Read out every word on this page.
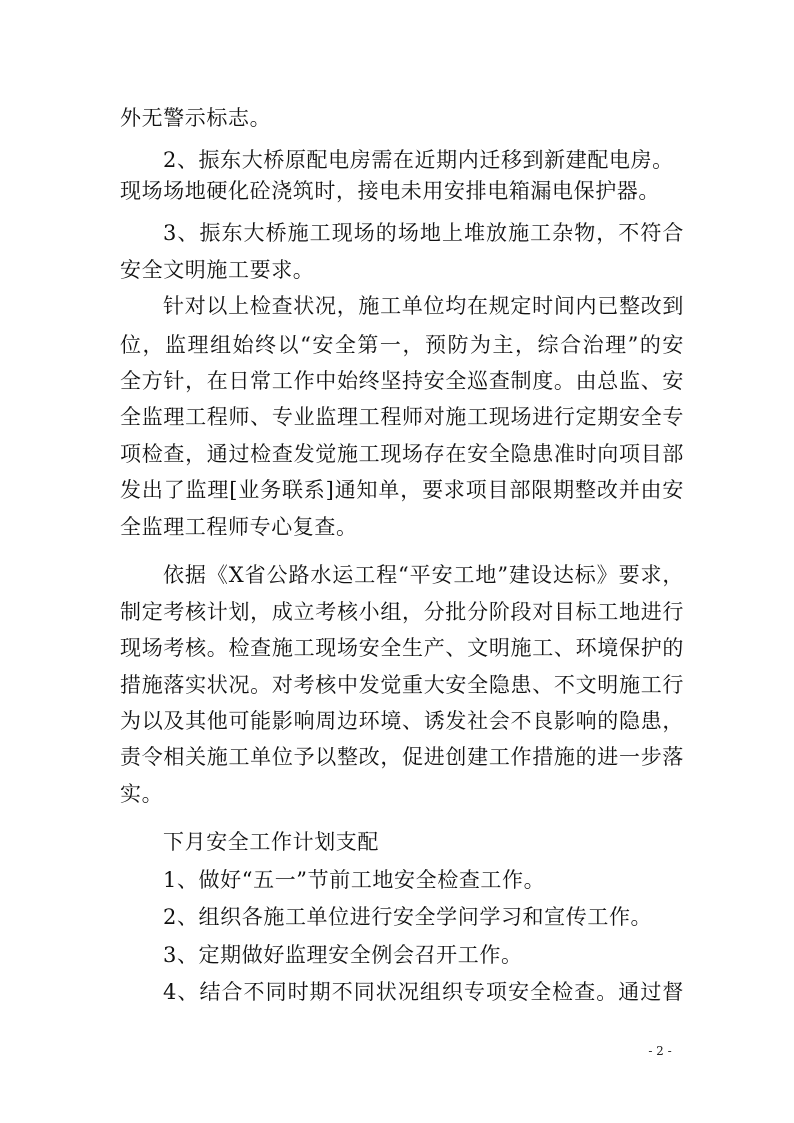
外无警示标志。
2、振东大桥原配电房需在近期内迁移到新建配电房。
现场场地硬化砼浇筑时，接电未用安排电箱漏电保护器。
3、振东大桥施工现场的场地上堆放施工杂物，不符合
安全文明施工要求。
针对以上检查状况，施工单位均在规定时间内已整改到
位，监理组始终以“安全第一，预防为主，综合治理”的安
全方针，在日常工作中始终坚持安全巡查制度。由总监、安
全监理工程师、专业监理工程师对施工现场进行定期安全专
项检查，通过检查发觉施工现场存在安全隐患准时向项目部
发出了监理[业务联系]通知单，要求项目部限期整改并由安
全监理工程师专心复查。
依据《X省公路水运工程“平安工地”建设达标》要求，
制定考核计划，成立考核小组，分批分阶段对目标工地进行
现场考核。检查施工现场安全生产、文明施工、环境保护的
措施落实状况。对考核中发觉重大安全隐患、不文明施工行
为以及其他可能影响周边环境、诱发社会不良影响的隐患，
责令相关施工单位予以整改，促进创建工作措施的进一步落
实。
下月安全工作计划支配
1、做好“五一”节前工地安全检查工作。
2、组织各施工单位进行安全学问学习和宣传工作。
3、定期做好监理安全例会召开工作。
4、结合不同时期不同状况组织专项安全检查。通过督
- 2 -
